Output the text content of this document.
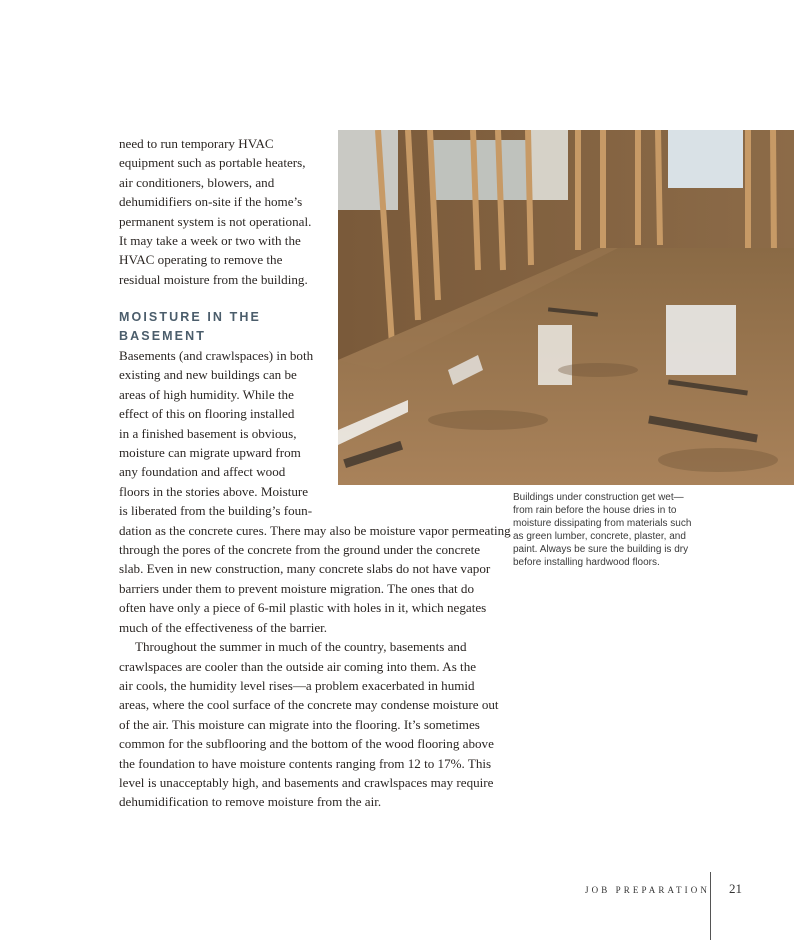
Buildings under construction get wet—
from rain before the house dries in to
moisture dissipating from materials such
as green lumber, concrete, plaster, and
paint. Always be sure the building is dry
before installing hardwood floors.

need to run temporary HVAC
equipment such as portable heaters,
air conditioners, blowers, and
dehumidifiers on-site if the home’s
permanent system is not operational.
It may take a week or two with the
HVAC operating to remove the
residual moisture from the building.

MOISTURE IN THE
BASEMENT

Basements (and crawlspaces) in both
existing and new buildings can be
areas of high humidity. While the
effect of this on flooring installed
in a finished basement is obvious,
moisture can migrate upward from
any foundation and affect wood
floors in the stories above. Moisture
is liberated from the building’s foun-
dation as the concrete cures. There may also be moisture vapor permeating
through the pores of the concrete from the ground under the concrete
slab. Even in new construction, many concrete slabs do not have vapor
barriers under them to prevent moisture migration. The ones that do
often have only a piece of 6-mil plastic with holes in it, which negates
much of the effectiveness of the barrier.

Throughout the summer in much of the country, basements and
crawlspaces are cooler than the outside air coming into them. As the
air cools, the humidity level rises—a problem exacerbated in humid
areas, where the cool surface of the concrete may condense moisture out
of the air. This moisture can migrate into the flooring. It’s sometimes
common for the subflooring and the bottom of the wood flooring above
the foundation to have moisture contents ranging from 12 to 17%. This
level is unacceptably high, and basements and crawlspaces may require
dehumidification to remove moisture from the air.

JOB PREPARATION 21
